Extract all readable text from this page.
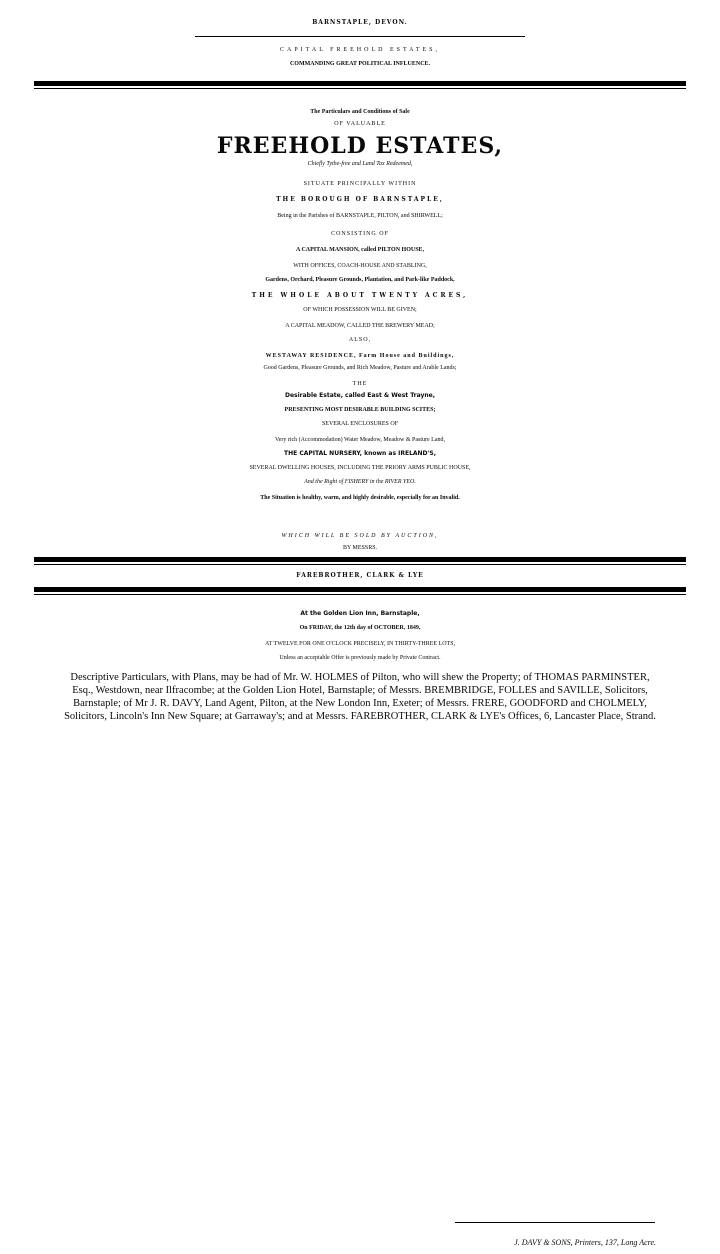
BARNSTAPLE, DEVON.

CAPITAL FREEHOLD ESTATES,

COMMANDING GREAT POLITICAL INFLUENCE.

The Particulars and Conditions of Sale

OF VALUABLE

FREEHOLD ESTATES,

Chiefly Tythe-free and Land Tax Redeemed,

SITUATE PRINCIPALLY WITHIN

THE BOROUGH OF BARNSTAPLE,

Being in the Parishes of BARNSTAPLE, PILTON, and SHIRWELL;

CONSISTING OF

A CAPITAL MANSION, called PILTON HOUSE,

WITH OFFICES, COACH-HOUSE AND STABLING,

Gardens, Orchard, Pleasure Grounds, Plantation, and Park-like Paddock,

THE WHOLE ABOUT TWENTY ACRES,

OF WHICH POSSESSION WILL BE GIVEN;

A CAPITAL MEADOW, CALLED THE BREWERY MEAD;

ALSO,

WESTAWAY RESIDENCE, Farm House and Buildings,

Good Gardens, Pleasure Grounds, and Rich Meadow, Pasture and Arable Lands;

THE

Desirable Estate, called East & West Trayne,

PRESENTING MOST DESIRABLE BUILDING SCITES;

SEVERAL ENCLOSURES OF

Very rich (Accommodation) Water Meadow, Meadow & Pasture Land,

THE CAPITAL NURSERY, known as IRELAND'S,

SEVERAL DWELLING HOUSES, INCLUDING THE PRIORY ARMS PUBLIC HOUSE,

And the Right of FISHERY in the RIVER YEO.

The Situation is healthy, warm, and highly desirable, especially for an Invalid.

WHICH WILL BE SOLD BY AUCTION,

BY MESSRS.

FAREBROTHER, CLARK & LYE

At the Golden Lion Inn, Barnstaple,

On FRIDAY, the 12th day of OCTOBER, 1849,

AT TWELVE FOR ONE O'CLOCK PRECISELY, IN THIRTY-THREE LOTS,

Unless an acceptable Offer is previously made by Private Contract.

Descriptive Particulars, with Plans, may be had of Mr. W. HOLMES of Pilton, who will shew the Property; of THOMAS PARMINSTER, Esq., Westdown, near Ilfracombe; at the Golden Lion Hotel, Barnstaple; of Messrs. BREMBRIDGE, FOLLES and SAVILLE, Solicitors, Barnstaple; of Mr J. R. DAVY, Land Agent, Pilton, at the New London Inn, Exeter; of Messrs. FRERE, GOODFORD and CHOLMELY, Solicitors, Lincoln's Inn New Square; at Garraway's; and at Messrs. FAREBROTHER, CLARK & LYE's Offices, 6, Lancaster Place, Strand.

J. DAVY & SONS, Printers, 137, Long Acre.
